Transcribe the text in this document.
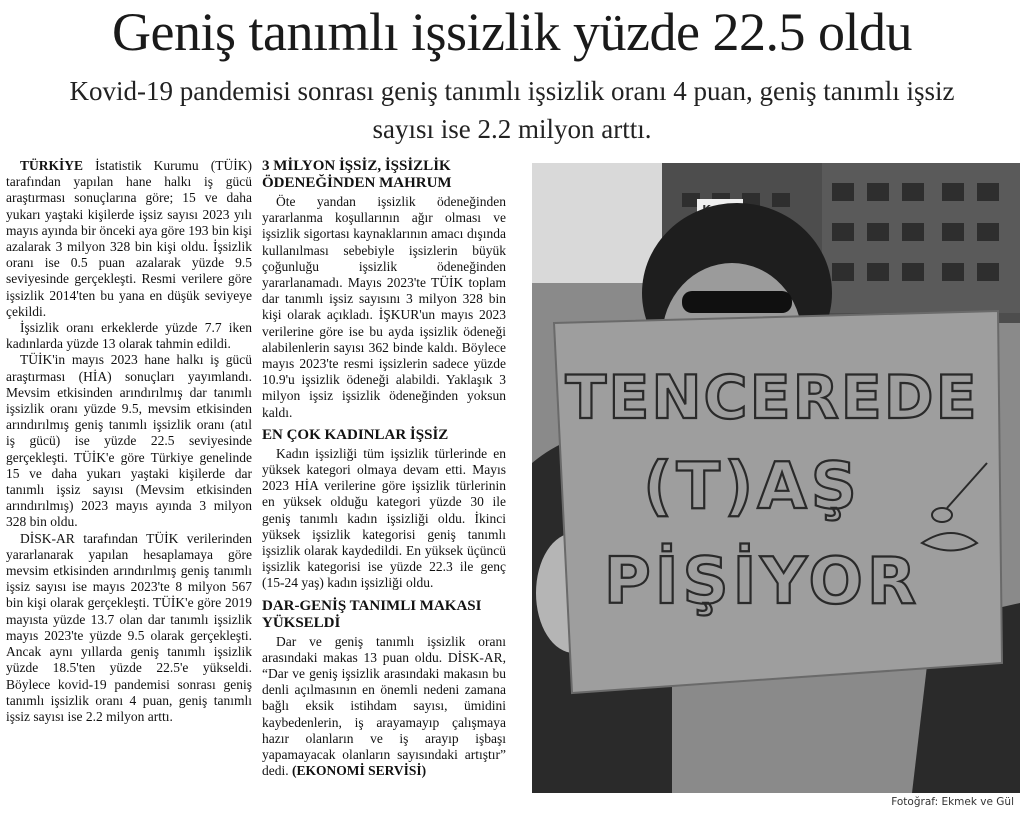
Geniş tanımlı işsizlik yüzde 22.5 oldu
Kovid-19 pandemisi sonrası geniş tanımlı işsizlik oranı 4 puan, geniş tanımlı işsiz sayısı ise 2.2 milyon arttı.

TÜRKİYE İstatistik Kurumu (TÜİK) tarafından yapılan hane halkı iş gücü araştırması sonuçlarına göre; 15 ve daha yukarı yaştaki kişilerde işsiz sayısı 2023 yılı mayıs ayında bir önceki aya göre 193 bin kişi azalarak 3 milyon 328 bin kişi oldu. İşsizlik oranı ise 0.5 puan azalarak yüzde 9.5 seviyesinde gerçekleşti. Resmi verilere göre işsizlik 2014'ten bu yana en düşük seviyeye çekildi.

İşsizlik oranı erkeklerde yüzde 7.7 iken kadınlarda yüzde 13 olarak tahmin edildi.

TÜİK'in mayıs 2023 hane halkı iş gücü araştırması (HİA) sonuçları yayımlandı. Mevsim etkisinden arındırılmış dar tanımlı işsizlik oranı yüzde 9.5, mevsim etkisinden arındırılmış geniş tanımlı işsizlik oranı (atıl iş gücü) ise yüzde 22.5 seviyesinde gerçekleşti. TÜİK'e göre Türkiye genelinde 15 ve daha yukarı yaştaki kişilerde dar tanımlı işsiz sayısı (Mevsim etkisinden arındırılmış) 2023 mayıs ayında 3 milyon 328 bin oldu.

DİSK-AR tarafından TÜİK verilerinden yararlanarak yapılan hesaplamaya göre mevsim etkisinden arındırılmış geniş tanımlı işsiz sayısı ise mayıs 2023'te 8 milyon 567 bin kişi olarak gerçekleşti. TÜİK'e göre 2019 mayısta yüzde 13.7 olan dar tanımlı işsizlik mayıs 2023'te yüzde 9.5 olarak gerçekleşti. Ancak aynı yıllarda geniş tanımlı işsizlik yüzde 18.5'ten yüzde 22.5'e yükseldi. Böylece kovid-19 pandemisi sonrası geniş tanımlı işsizlik oranı 4 puan, geniş tanımlı işsiz sayısı ise 2.2 milyon arttı.

3 MİLYON İŞSİZ, İŞSİZLİK ÖDENEĞİNDEN MAHRUM

Öte yandan işsizlik ödeneğinden yararlanma koşullarının ağır olması ve işsizlik sigortası kaynaklarının amacı dışında kullanılması sebebiyle işsizlerin büyük çoğunluğu işsizlik ödeneğinden yararlanamadı. Mayıs 2023'te TÜİK toplam dar tanımlı işsiz sayısını 3 milyon 328 bin kişi olarak açıkladı. İŞKUR'un mayıs 2023 verilerine göre ise bu ayda işsizlik ödeneği alabilenlerin sayısı 362 binde kaldı. Böylece mayıs 2023'te resmi işsizlerin sadece yüzde 10.9'u işsizlik ödeneği alabildi. Yaklaşık 3 milyon işsiz işsizlik ödeneğinden yoksun kaldı.

EN ÇOK KADINLAR İŞSİZ

Kadın işsizliği tüm işsizlik türlerinde en yüksek kategori olmaya devam etti. Mayıs 2023 HİA verilerine göre işsizlik türlerinin en yüksek olduğu kategori yüzde 30 ile geniş tanımlı kadın işsizliği oldu. İkinci yüksek işsizlik kategorisi geniş tanımlı işsizlik olarak kaydedildi. En yüksek üçüncü işsizlik kategorisi ise yüzde 22.3 ile genç (15-24 yaş) kadın işsizliği oldu.

DAR-GENİŞ TANIMLI MAKASI YÜKSELDİ

Dar ve geniş tanımlı işsizlik oranı arasındaki makas 13 puan oldu. DİSK-AR, “Dar ve geniş işsizlik arasındaki makasın bu denli açılmasının en önemli nedeni zamana bağlı eksik istihdam sayısı, ümidini kaybedenlerin, iş arayamayıp çalışmaya hazır olanların ve iş arayıp işbaşı yapamayacak olanların sayısındaki artıştır” dedi. (EKONOMİ SERVİSİ)

TENCEREDE
(T)AŞ
PİŞİYOR
Fotoğraf: Ekmek ve Gül
